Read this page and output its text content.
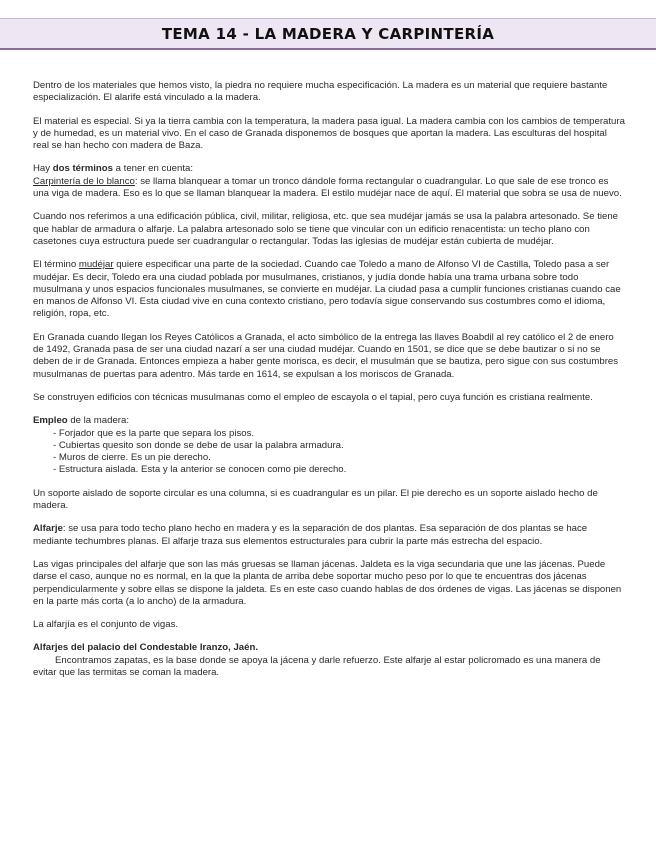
TEMA 14 - LA MADERA Y CARPINTERÍA

Dentro de los materiales que hemos visto, la piedra no requiere mucha especificación. La madera es un material que requiere bastante especialización. El alarife está vinculado a la madera.

El material es especial. Si ya la tierra cambia con la temperatura, la madera pasa igual. La madera cambia con los cambios de temperatura y de humedad, es un material vivo. En el caso de Granada disponemos de bosques que aportan la madera. Las esculturas del hospital real se han hecho con madera de Baza.

Hay dos términos a tener en cuenta:
Carpintería de lo blanco: se llama blanquear a tomar un tronco dándole forma rectangular o cuadrangular. Lo que sale de ese tronco es una viga de madera. Eso es lo que se llaman blanquear la madera. El estilo mudéjar nace de aquí. El material que sobra se usa de nuevo.

Cuando nos referimos a una edificación pública, civil, militar, religiosa, etc. que sea mudéjar jamás se usa la palabra artesonado. Se tiene que hablar de armadura o alfarje. La palabra artesonado solo se tiene que vincular con un edificio renacentista: un techo plano con casetones cuya estructura puede ser cuadrangular o rectangular. Todas las iglesias de mudéjar están cubierta de mudéjar.

El término mudéjar quiere especificar una parte de la sociedad. Cuando cae Toledo a mano de Alfonso VI de Castilla, Toledo pasa a ser mudéjar. Es decir, Toledo era una ciudad poblada por musulmanes, cristianos, y judía donde había una trama urbana sobre todo musulmana y unos espacios funcionales musulmanes, se convierte en mudéjar. La ciudad pasa a cumplir funciones cristianas cuando cae en manos de Alfonso VI. Esta ciudad vive en cuna contexto cristiano, pero todavía sigue conservando sus costumbres como el idioma, religión, ropa, etc.

En Granada cuando llegan los Reyes Católicos a Granada, el acto simbólico de la entrega las llaves Boabdil al rey católico el 2 de enero de 1492, Granada pasa de ser una ciudad nazarí a ser una ciudad mudéjar. Cuando en 1501, se dice que se debe bautizar o si no se deben de ir de Granada. Entonces empieza a haber gente morisca, es decir, el musulmán que se bautiza, pero sigue con sus costumbres musulmanas de puertas para adentro. Más tarde en 1614, se expulsan a los moriscos de Granada.

Se construyen edificios con técnicas musulmanas como el empleo de escayola o el tapial, pero cuya función es cristiana realmente.

Empleo de la madera:

- Forjador que es la parte que separa los pisos.
- Cubiertas quesito son donde se debe de usar la palabra armadura.
- Muros de cierre. Es un pie derecho.
- Estructura aislada. Esta y la anterior se conocen como pie derecho.

Un soporte aislado de soporte circular es una columna, si es cuadrangular es un pilar. El pie derecho es un soporte aislado hecho de madera.

Alfarje: se usa para todo techo plano hecho en madera y es la separación de dos plantas. Esa separación de dos plantas se hace mediante techumbres planas. El alfarje traza sus elementos estructurales para cubrir la parte más estrecha del espacio.

Las vigas principales del alfarje que son las más gruesas se llaman jácenas. Jaldeta es la viga secundaria que une las jácenas. Puede darse el caso, aunque no es normal, en la que la planta de arriba debe soportar mucho peso por lo que te encuentras dos jácenas perpendicularmente y sobre ellas se dispone la jaldeta. Es en este caso cuando hablas de dos órdenes de vigas. Las jácenas se disponen en la parte más corta (a lo ancho) de la armadura.

La alfarjía es el conjunto de vigas.

Alfarjes del palacio del Condestable Iranzo, Jaén.
Encontramos zapatas, es la base donde se apoya la jácena y darle refuerzo. Este alfarje al estar policromado es una manera de evitar que las termitas se coman la madera.
